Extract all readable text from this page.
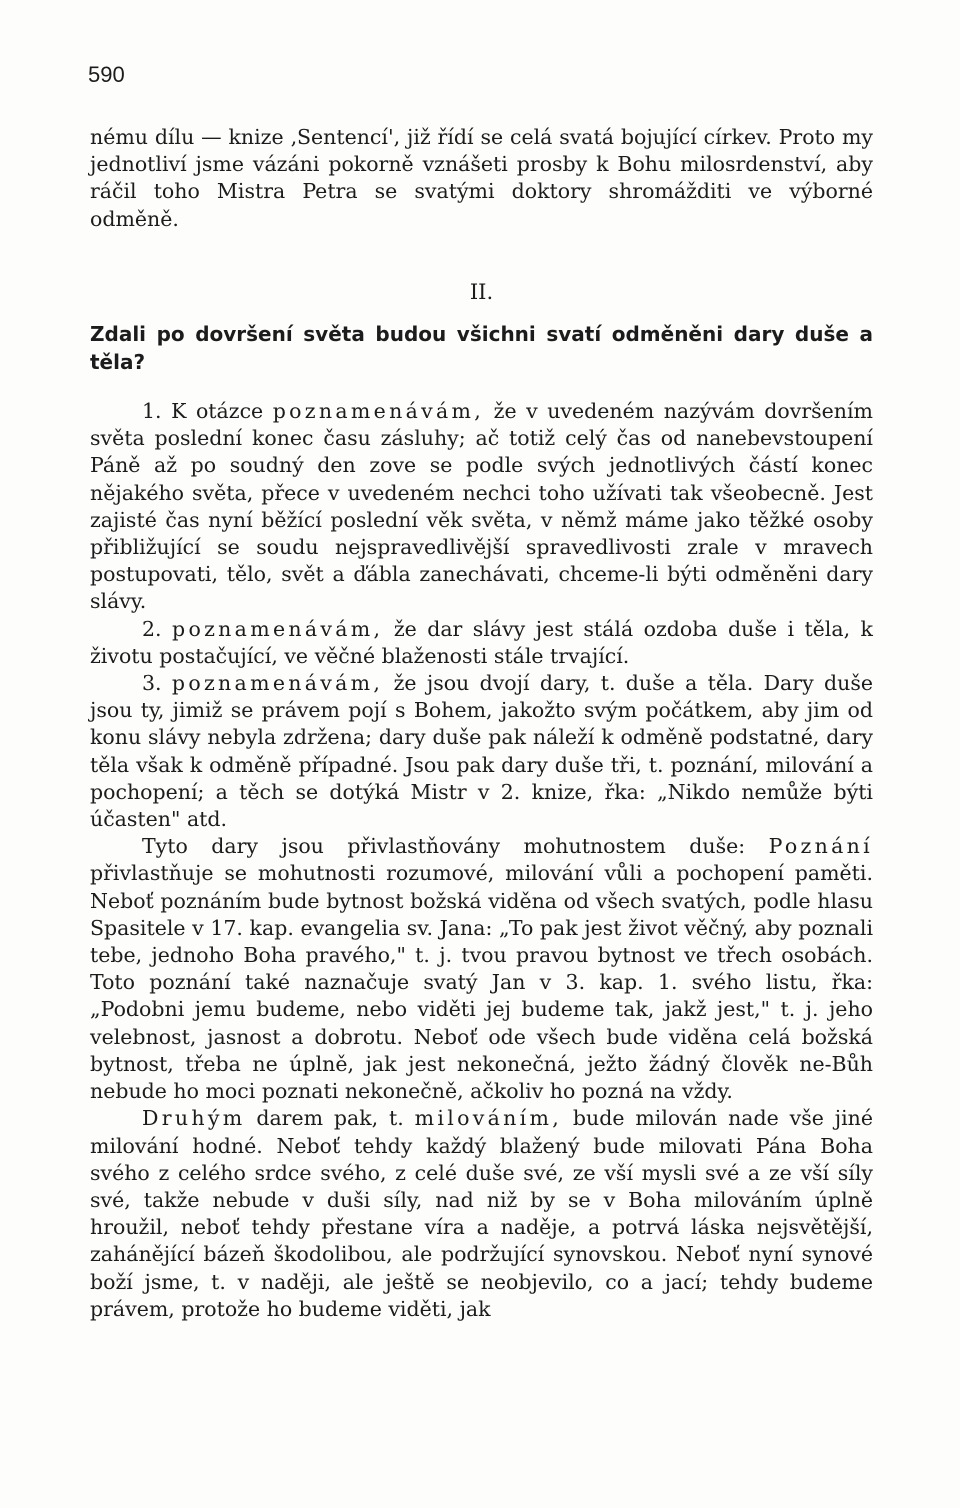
590

nému dílu — knize ‚Sentencí', již řídí se celá svatá bojující církev. Proto my jednotliví jsme vázáni pokorně vznášeti prosby k Bohu milosrdenství, aby ráčil toho Mistra Petra se svatými doktory shromážditi ve výborné odměně.

II.

Zdali po dovršení světa budou všichni svatí odměněni dary duše a těla?

1. K otázce poznamenávám, že v uvedeném nazývám dovršením světa poslední konec času zásluhy; ač totiž celý čas od nanebevstoupení Páně až po soudný den zove se podle svých jednotlivých částí konec nějakého světa, přece v uvedeném nechci toho užívati tak všeobecně. Jest zajisté čas nyní běžící poslední věk světa, v němž máme jako těžké osoby přibližující se soudu nejspravedlivější spravedlivosti zrale v mravech postupovati, tělo, svět a ďábla zanechávati, chceme-li býti odměněni dary slávy.

2. poznamenávám, že dar slávy jest stálá ozdoba duše i těla, k životu postačující, ve věčné blaženosti stále trvající.

3. poznamenávám, že jsou dvojí dary, t. duše a těla. Dary duše jsou ty, jimiž se právem pojí s Bohem, jakožto svým počátkem, aby jim od konu slávy nebyla zdržena; dary duše pak náleží k odměně podstatné, dary těla však k odměně případné. Jsou pak dary duše tři, t. poznání, milování a pochopení; a těch se dotýká Mistr v 2. knize, řka: „Nikdo nemůže býti účasten" atd.

Tyto dary jsou přivlastňovány mohutnostem duše: Poznání přivlastňuje se mohutnosti rozumové, milování vůli a pochopení paměti. Neboť poznáním bude bytnost božská viděna od všech svatých, podle hlasu Spasitele v 17. kap. evangelia sv. Jana: „To pak jest život věčný, aby poznali tebe, jednoho Boha pravého," t. j. tvou pravou bytnost ve třech osobách. Toto poznání také naznačuje svatý Jan v 3. kap. 1. svého listu, řka: „Podobni jemu budeme, nebo viděti jej budeme tak, jakž jest," t. j. jeho velebnost, jasnost a dobrotu. Neboť ode všech bude viděna celá božská bytnost, třeba ne úplně, jak jest nekonečná, ježto žádný člověk ne-Bůh nebude ho moci poznati nekonečně, ačkoliv ho pozná na vždy.

Druhým darem pak, t. milováním, bude milován nade vše jiné milování hodné. Neboť tehdy každý blažený bude milovati Pána Boha svého z celého srdce svého, z celé duše své, ze vší mysli své a ze vší síly své, takže nebude v duši síly, nad niž by se v Boha milováním úplně hroužil, neboť tehdy přestane víra a naděje, a potrvá láska nejsvětější, zahánějící bázeň škodolibou, ale podržující synovskou. Neboť nyní synové boží jsme, t. v naději, ale ještě se neobjevilo, co a jací; tehdy budeme právem, protože ho budeme viděti, jak
